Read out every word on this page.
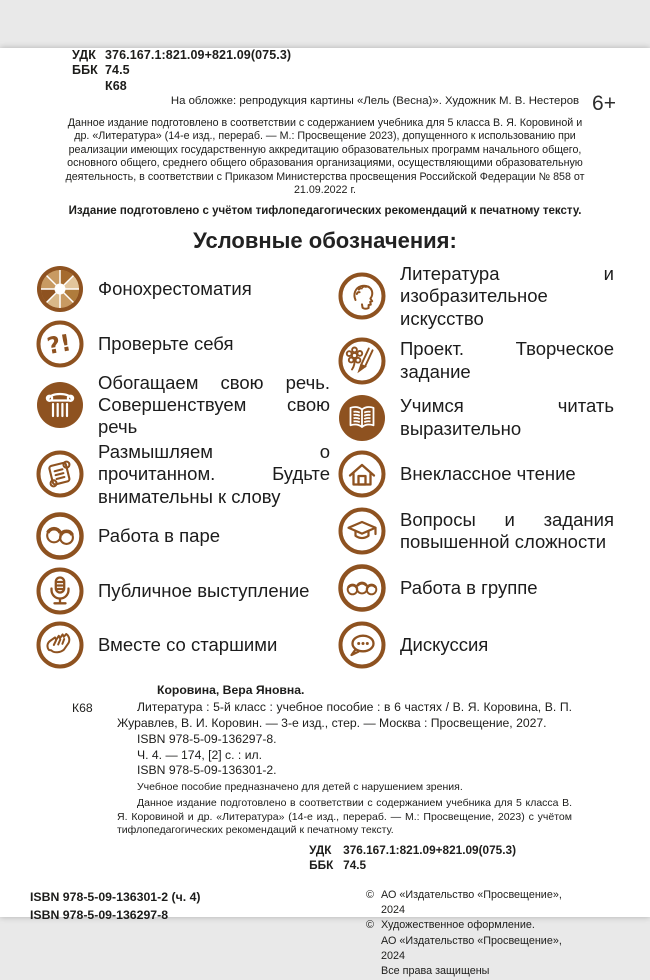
УДК 376.167.1:821.09+821.09(075.3)
ББК 74.5
К68
6+
На обложке: репродукция картины «Лель (Весна)». Художник М. В. Нестеров

Данное издание подготовлено в соответствии с содержанием учебника для 5 класса В. Я. Коровиной и др. «Литература» (14-е изд., перераб. — М.: Просвещение 2023), допущенного к использованию при реализации имеющих государственную аккредитацию образовательных программ начального общего, основного общего, среднего общего образования организациями, осуществляющими образовательную деятельность, в соответствии с Приказом Министерства просвещения Российской Федерации № 858 от 21.09.2022 г.

Издание подготовлено с учётом тифлопедагогических рекомендаций к печатному тексту.

Условные обозначения:
Фонохрестоматия
?! Проверьте себя
Обогащаем свою речь. Совершенствуем свою речь
Размышляем о прочитанном. Будьте внимательны к слову
Работа в паре
Публичное выступление
Вместе со старшими
Литература и изобразительное искусство
Проект. Творческое задание
Учимся читать выразительно
Внеклассное чтение
Вопросы и задания повышенной сложности
Работа в группе
Дискуссия
Коровина, Вера Яновна.
К68	Литература : 5-й класс : учебное пособие : в 6 частях / В. Я. Коровина, В. П. Журавлев, В. И. Коровин. — 3-е изд., стер. — Москва : Просвещение, 2027.

ISBN 978-5-09-136297-8.

Ч. 4. — 174, [2] с. : ил.

ISBN 978-5-09-136301-2.

Учебное пособие предназначено для детей с нарушением зрения.

Данное издание подготовлено в соответствии с содержанием учебника для 5 класса В. Я. Коровиной и др. «Литература» (14-е изд., перераб. — М.: Просвещение, 2023) с учётом тифлопедагогических рекомендаций к печатному тексту.

УДК 376.167.1:821.09+821.09(075.3)
ББК 74.5
ISBN 978-5-09-136301-2 (ч. 4)
ISBN 978-5-09-136297-8
© АО «Издательство «Просвещение», 2024
© Художественное оформление.
АО «Издательство «Просвещение», 2024
Все права защищены
